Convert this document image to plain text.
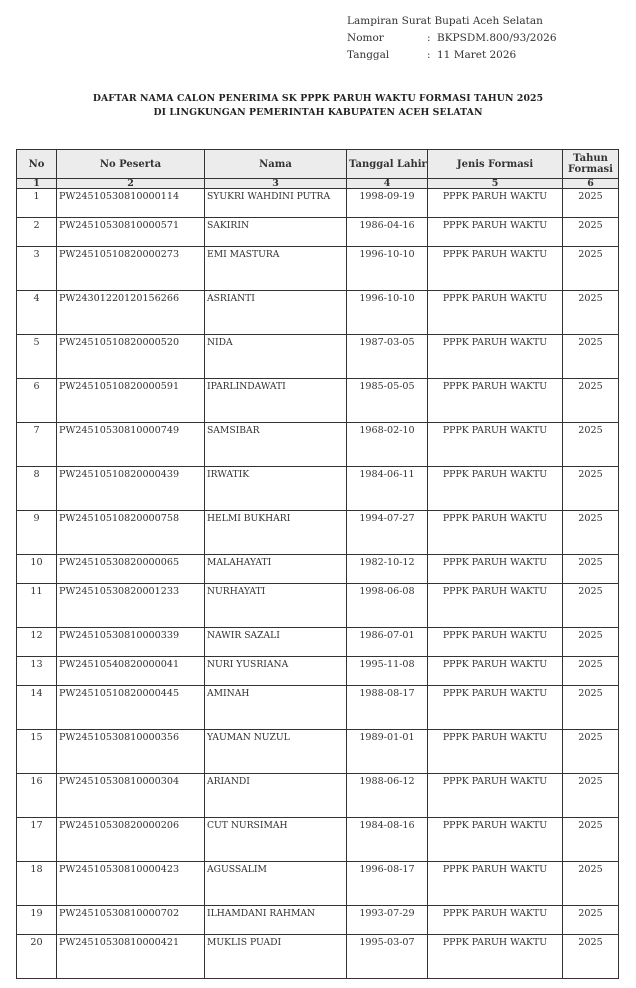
Lampiran Surat Bupati Aceh Selatan
Nomor	: BKPSDM.800/93/2026
Tanggal	: 11 Maret 2026
DAFTAR NAMA CALON PENERIMA SK PPPK PARUH WAKTU FORMASI TAHUN 2025
DI LINGKUNGAN PEMERINTAH KABUPATEN ACEH SELATAN
No	No Peserta	Nama	Tanggal Lahir	Jenis Formasi	Tahun Formasi
1	2	3	4	5	6
1	PW24510530810000114	SYUKRI WAHDINI PUTRA	1998-09-19	PPPK PARUH WAKTU	2025
2	PW24510530810000571	SAKIRIN	1986-04-16	PPPK PARUH WAKTU	2025
3	PW24510510820000273	EMI MASTURA	1996-10-10	PPPK PARUH WAKTU	2025
4	PW24301220120156266	ASRIANTI	1996-10-10	PPPK PARUH WAKTU	2025
5	PW24510510820000520	NIDA	1987-03-05	PPPK PARUH WAKTU	2025
6	PW24510510820000591	IPARLINDAWATI	1985-05-05	PPPK PARUH WAKTU	2025
7	PW24510530810000749	SAMSIBAR	1968-02-10	PPPK PARUH WAKTU	2025
8	PW24510510820000439	IRWATIK	1984-06-11	PPPK PARUH WAKTU	2025
9	PW24510510820000758	HELMI BUKHARI	1994-07-27	PPPK PARUH WAKTU	2025
10	PW24510530820000065	MALAHAYATI	1982-10-12	PPPK PARUH WAKTU	2025
11	PW24510530820001233	NURHAYATI	1998-06-08	PPPK PARUH WAKTU	2025
12	PW24510530810000339	NAWIR SAZALI	1986-07-01	PPPK PARUH WAKTU	2025
13	PW24510540820000041	NURI YUSRIANA	1995-11-08	PPPK PARUH WAKTU	2025
14	PW24510510820000445	AMINAH	1988-08-17	PPPK PARUH WAKTU	2025
15	PW24510530810000356	YAUMAN NUZUL	1989-01-01	PPPK PARUH WAKTU	2025
16	PW24510530810000304	ARIANDI	1988-06-12	PPPK PARUH WAKTU	2025
17	PW24510530820000206	CUT NURSIMAH	1984-08-16	PPPK PARUH WAKTU	2025
18	PW24510530810000423	AGUSSALIM	1996-08-17	PPPK PARUH WAKTU	2025
19	PW24510530810000702	ILHAMDANI RAHMAN	1993-07-29	PPPK PARUH WAKTU	2025
20	PW24510530810000421	MUKLIS PUADI	1995-03-07	PPPK PARUH WAKTU	2025
